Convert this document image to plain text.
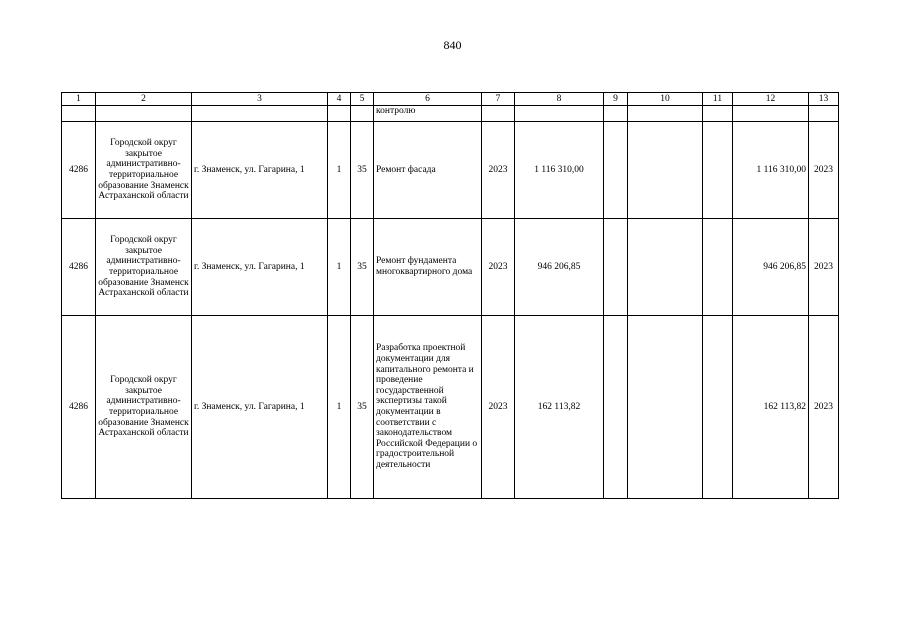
840
1	2	3	4	5	6	7	8	9	10	11	12	13
					контролю							
4286	Городской округ закрытое административно-территориальное образование Знаменск Астраханской области	г. Знаменск, ул. Гагарина, 1	1	35	Ремонт фасада	2023	1 116 310,00				1 116 310,00	2023
4286	Городской округ закрытое административно-территориальное образование Знаменск Астраханской области	г. Знаменск, ул. Гагарина, 1	1	35	Ремонт фундамента многоквартирного дома	2023	946 206,85				946 206,85	2023
4286	Городской округ закрытое административно-территориальное образование Знаменск Астраханской области	г. Знаменск, ул. Гагарина, 1	1	35	Разработка проектной документации для капитального ремонта и проведение государственной экспертизы такой документации в соответствии с законодательством Российской Федерации о градостроительной деятельности	2023	162 113,82				162 113,82	2023
